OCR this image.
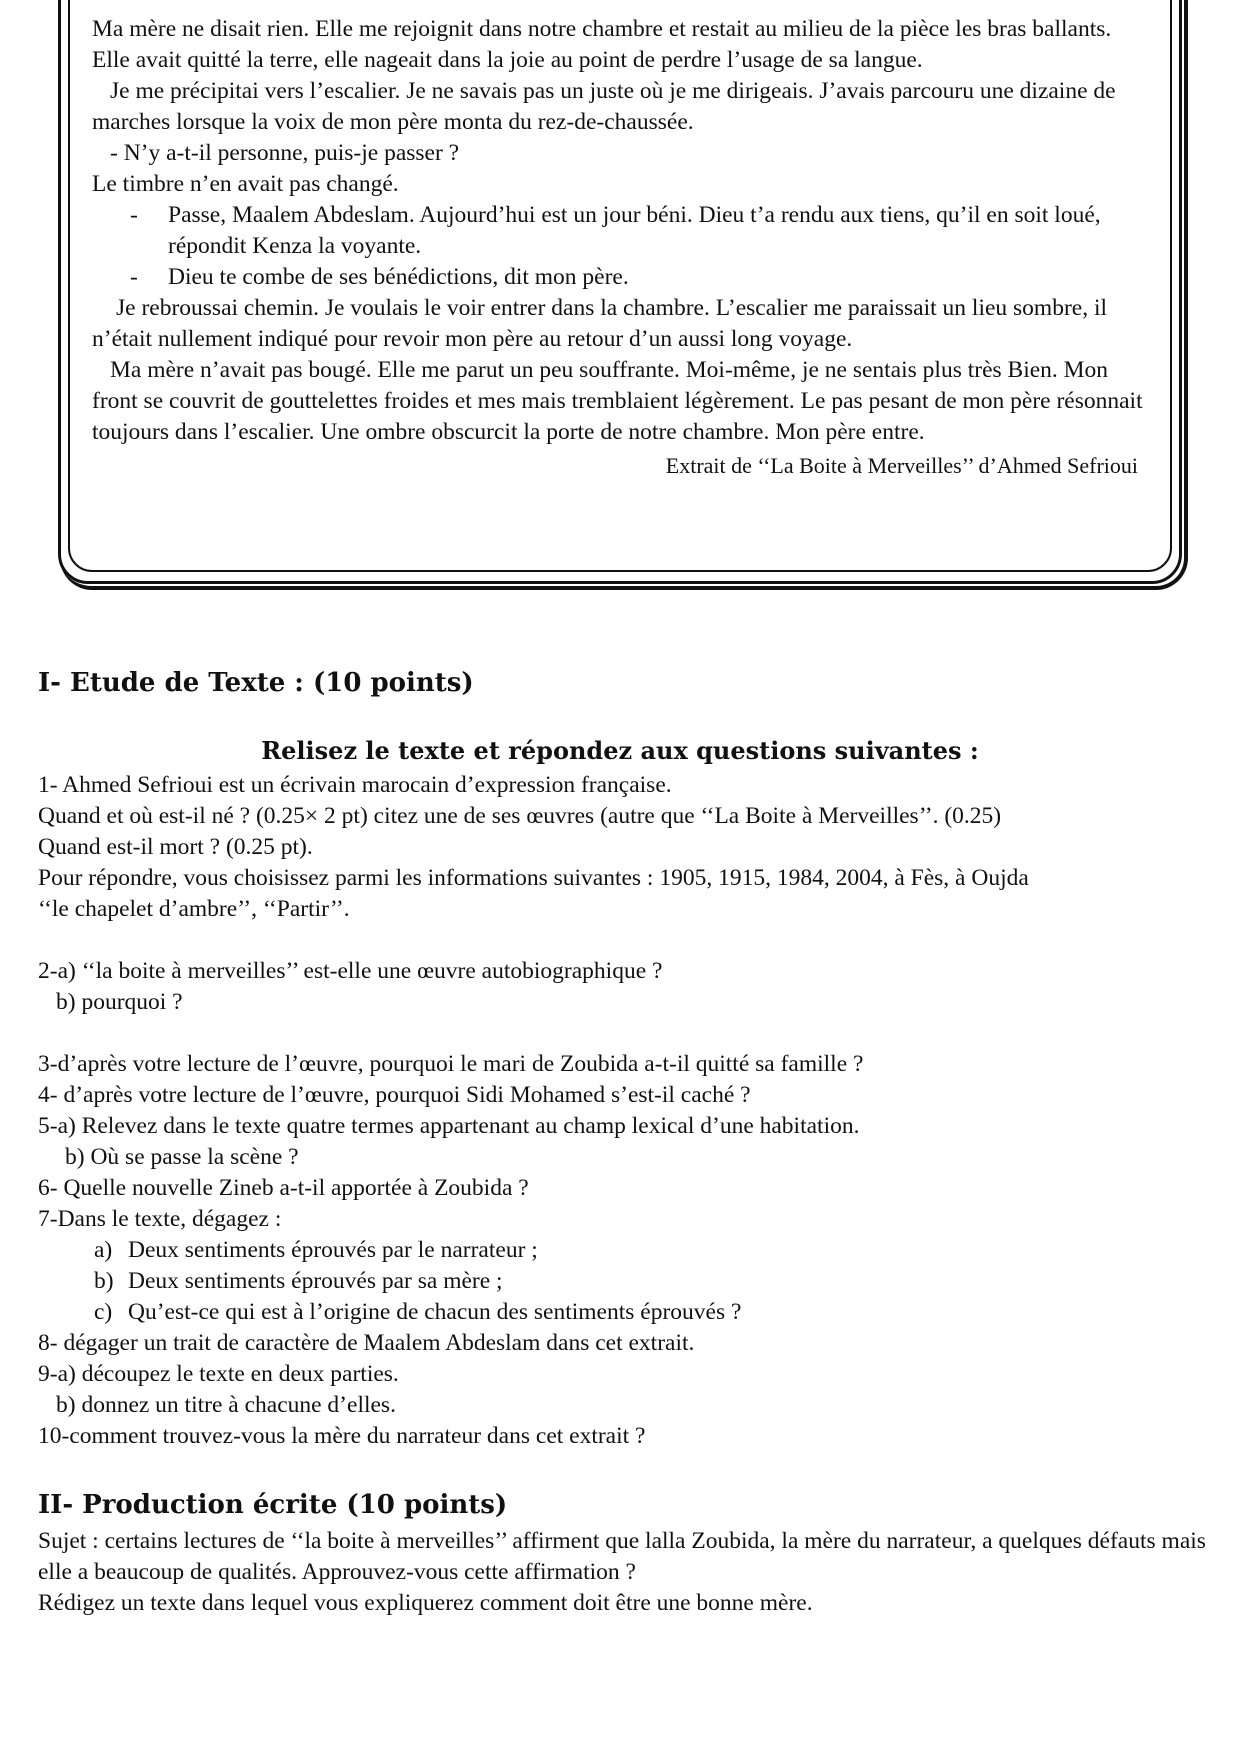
Ma mère ne disait rien. Elle me rejoignit dans notre chambre et restait au milieu de la pièce les bras ballants. Elle avait quitté la terre, elle nageait dans la joie au point de perdre l’usage de sa langue.

Je me précipitai vers l’escalier. Je ne savais pas un juste où je me dirigeais. J’avais parcouru une dizaine de marches lorsque la voix de mon père monta du rez-de-chaussée.

- N’y a-t-il personne, puis-je passer ?

Le timbre n’en avait pas changé.

- Passe, Maalem Abdeslam. Aujourd’hui est un jour béni. Dieu t’a rendu aux tiens, qu’il en soit loué, répondit Kenza la voyante.

- Dieu te combe de ses bénédictions, dit mon père.

Je rebroussai chemin. Je voulais le voir entrer dans la chambre. L’escalier me paraissait un lieu sombre, il n’était nullement indiqué pour revoir mon père au retour d’un aussi long voyage.

Ma mère n’avait pas bougé. Elle me parut un peu souffrante. Moi-même, je ne sentais plus très Bien. Mon front se couvrit de gouttelettes froides et mes mais tremblaient légèrement. Le pas pesant de mon père résonnait toujours dans l’escalier. Une ombre obscurcit la porte de notre chambre. Mon père entre.

Extrait de ‘‘La Boite à Merveilles’’ d’Ahmed Sefrioui

I- Etude de Texte : (10 points)
Relisez le texte et répondez aux questions suivantes :

1- Ahmed Sefrioui est un écrivain marocain d’expression française.

Quand et où est-il né ? (0.25× 2 pt) citez une de ses œuvres (autre que ‘‘La Boite à Merveilles’’. (0.25)

Quand est-il mort ? (0.25 pt).

Pour répondre, vous choisissez parmi les informations suivantes : 1905, 1915, 1984, 2004, à Fès, à Oujda

‘‘le chapelet d’ambre’’, ‘‘Partir’’.

2-a) ‘‘la boite à merveilles’’ est-elle une œuvre autobiographique ?

b) pourquoi ?

3-d’après votre lecture de l’œuvre, pourquoi le mari de Zoubida a-t-il quitté sa famille ?

4- d’après votre lecture de l’œuvre, pourquoi Sidi Mohamed s’est-il caché ?

5-a) Relevez dans le texte quatre termes appartenant au champ lexical d’une habitation.

b) Où se passe la scène ?

6- Quelle nouvelle Zineb a-t-il apportée à Zoubida ?

7-Dans le texte, dégagez :

a) Deux sentiments éprouvés par le narrateur ;

b) Deux sentiments éprouvés par sa mère ;

c) Qu’est-ce qui est à l’origine de chacun des sentiments éprouvés ?

8- dégager un trait de caractère de Maalem Abdeslam dans cet extrait.

9-a) découpez le texte en deux parties.

b) donnez un titre à chacune d’elles.

10-comment trouvez-vous la mère du narrateur dans cet extrait ?

II- Production écrite (10 points)

Sujet : certains lectures de ‘‘la boite à merveilles’’ affirment que lalla Zoubida, la mère du narrateur, a quelques défauts mais elle a beaucoup de qualités. Approuvez-vous cette affirmation ?

Rédigez un texte dans lequel vous expliquerez comment doit être une bonne mère.
